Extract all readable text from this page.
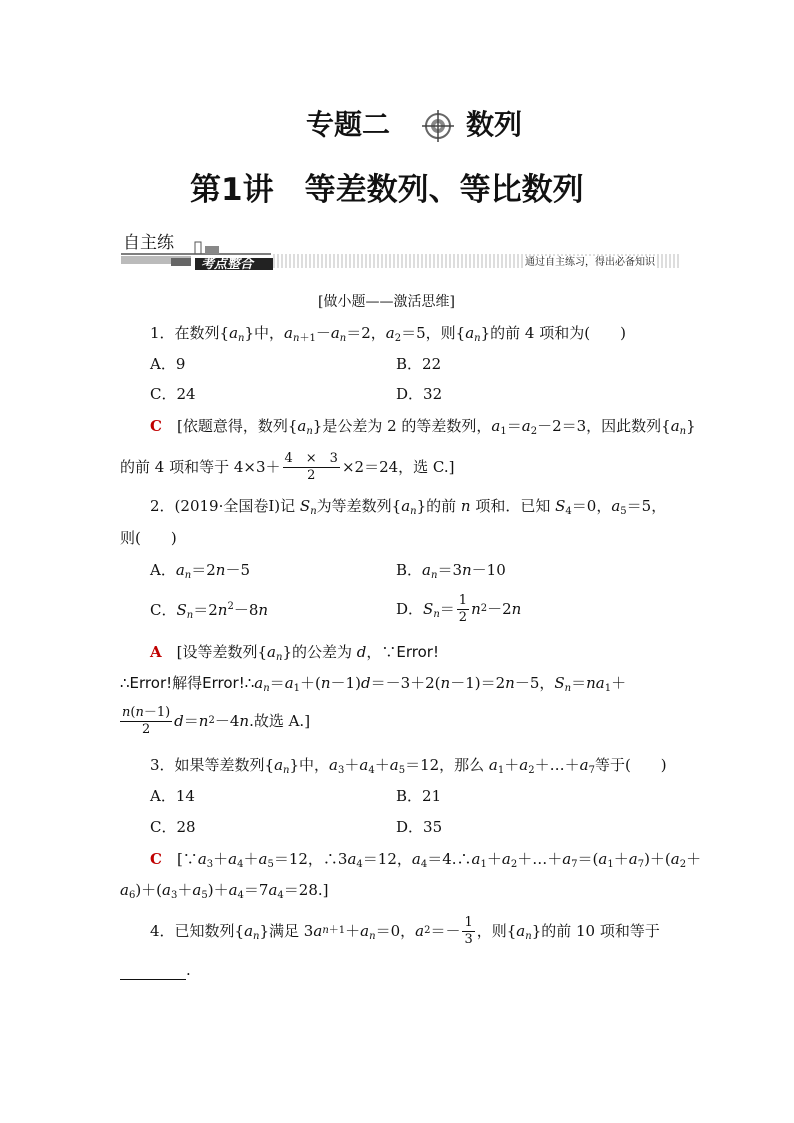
专题二	数列
第1讲　等差数列、等比数列
自主练
考点整合	通过自主练习，得出必备知识
[做小题——激活思维]
1．在数列$\{a_n\}$中，$a_{n+1}-a_n=2$，$a_2=5$，则$\{a_n\}$的前 4 项和为(　　)
A．9	B．22
C．24	D．32
C　 [依题意得，数列$\{a_n\}$是公差为 2 的等差数列，$a_1=a_2-2=3$，因此数列$\{a_n\}$
的前 4 项和等于 $4\times 3+ \frac{4 \times 3}{2} \times 2=24$，选 C.]
2．(2019·全国卷Ⅰ)记 $S_n$为等差数列$\{a_n\}$的前 n 项和．已知 $S_4=0$，$a_5=5$，
则(　　)
A．$a_n=2n-5$	B．$a_n=3n-10$
C．$S_n=2n^2-8n$	D． $S_n = \frac{1}{2}$ n 2 －2 n
A　[设等差数列$\{a_n\}$的公差为 d，∵Error!
∴Error!解得$Error!\therefore a_n=a_1+(n-1)d=-3+2(n-1)=2n-5$，$S_n=na_1+$
$\frac{n(n-1)}{2}$ d ＝ n 2 －4 n .故选 A.]
3．如果等差数列$\{a_n\}$中，$a_3+a_4+a_5=12$，那么 $a_1+a_2+\dots+a_7$等于(　　)
A．14	B．21
C．28	D．35
C　[$\because a_3+a_4+a_5=12$，$\therefore 3a_4=12$，$a_4=4.\therefore a_1+a_2+\dots+a_7=(a_1+a_7)+(a_2+$
$a_6)+(a_3+a_5)+a_4=7a_4=28$.]
4．已知数列{ $a_n$ }满足 3 a $n+1 + a_n =0$， a $2 =- \frac{1}{3}$ ，则{ $a_n$ }的前 10 项和等于
.
